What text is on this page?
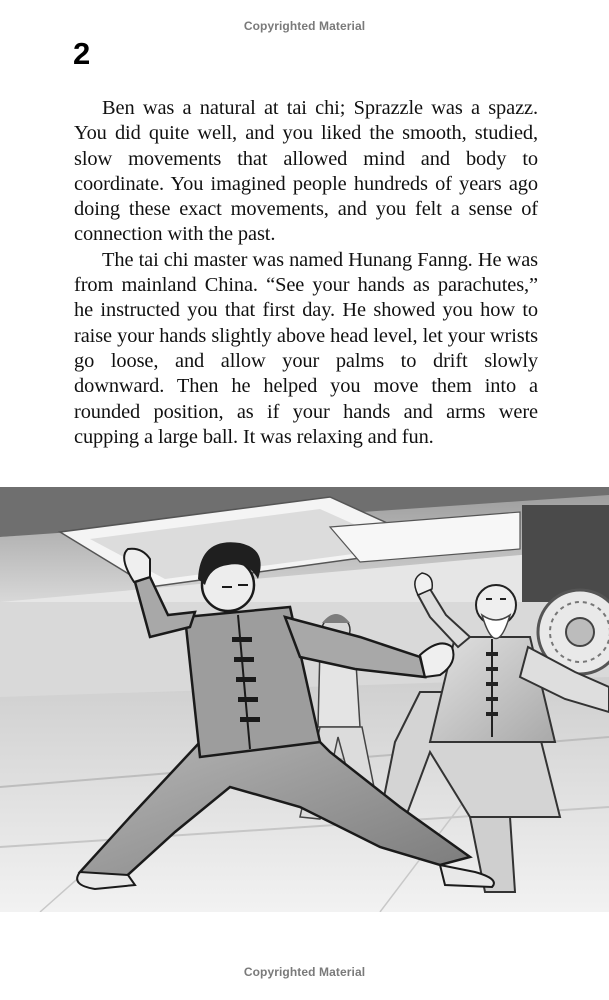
Copyrighted Material
2

Ben was a natural at tai chi; Sprazzle was a spazz. You did quite well, and you liked the smooth, studied, slow movements that allowed mind and body to coordinate. You imagined people hundreds of years ago doing these exact movements, and you felt a sense of connection with the past.

The tai chi master was named Hunang Fanng. He was from mainland China. “See your hands as parachutes,” he instructed you that first day. He showed you how to raise your hands slightly above head level, let your wrists go loose, and allow your palms to drift slowly downward. Then he helped you move them into a rounded position, as if your hands and arms were cupping a large ball. It was relaxing and fun.

Copyrighted Material
